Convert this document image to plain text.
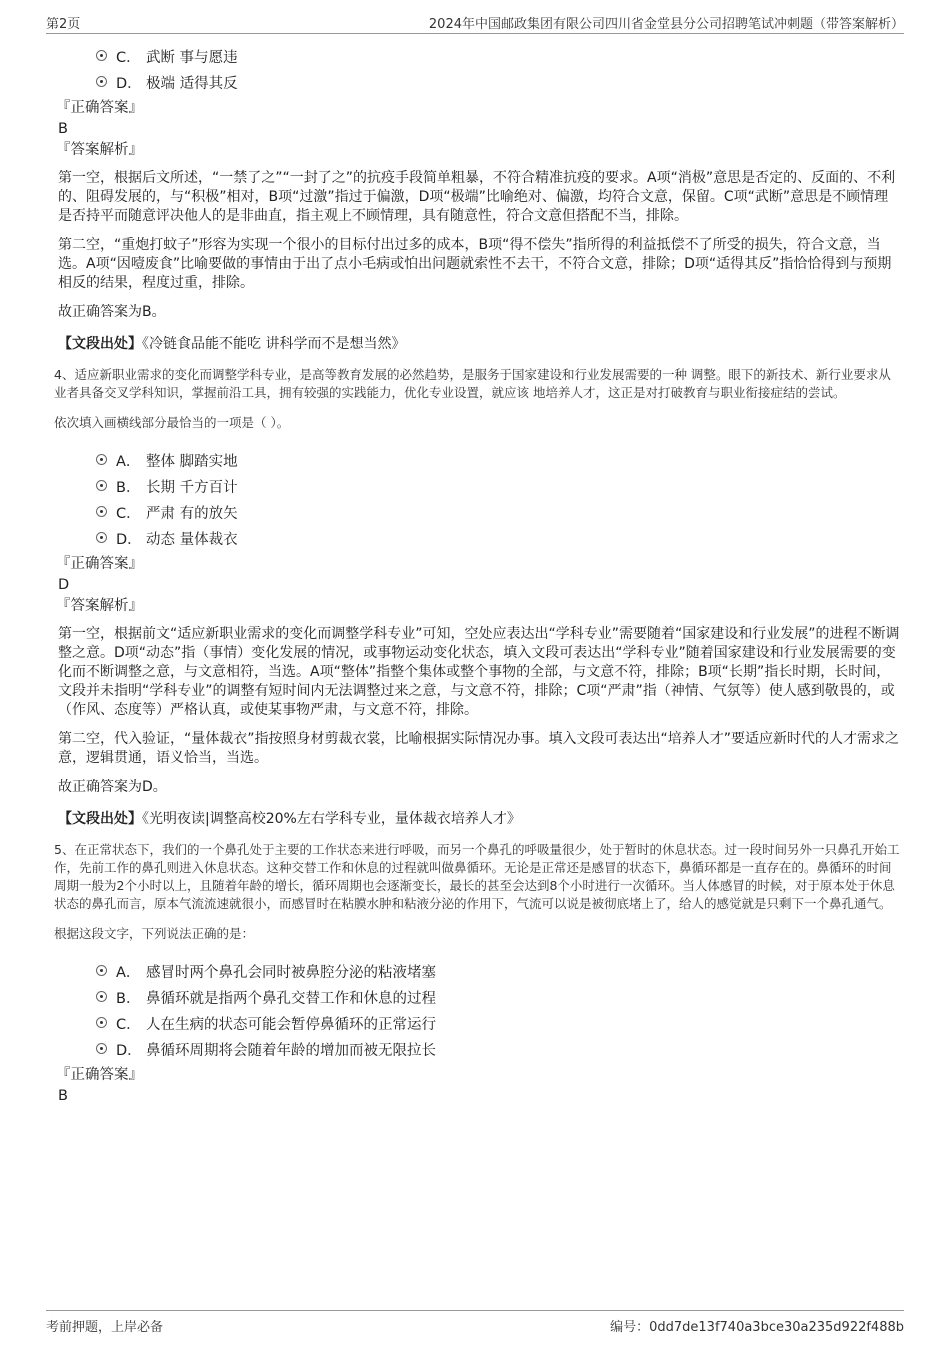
第2页	2024年中国邮政集团有限公司四川省金堂县分公司招聘笔试冲刺题（带答案解析）
C． 武断 事与愿违
D． 极端 适得其反
『正确答案』
B
『答案解析』

第一空，根据后文所述，“一禁了之”“一封了之”的抗疫手段简单粗暴，不符合精准抗疫的要求。A项“消极”意思是否定的、反面的、不利的、阻碍发展的，与“积极”相对，B项“过激”指过于偏激，D项“极端”比喻绝对、偏激，均符合文意，保留。C项“武断”意思是不顾情理是否持平而随意评决他人的是非曲直，指主观上不顾情理，具有随意性，符合文意但搭配不当，排除。

第二空，“重炮打蚊子”形容为实现一个很小的目标付出过多的成本，B项“得不偿失”指所得的利益抵偿不了所受的损失，符合文意，当选。A项“因噎废食”比喻要做的事情由于出了点小毛病或怕出问题就索性不去干，不符合文意，排除；D项“适得其反”指恰恰得到与预期相反的结果，程度过重，排除。

故正确答案为B。

【文段出处】《冷链食品能不能吃 讲科学而不是想当然》

4、适应新职业需求的变化而调整学科专业，是高等教育发展的必然趋势，是服务于国家建设和行业发展需要的一种 调整。眼下的新技术、新行业要求从业者具备交叉学科知识，掌握前沿工具，拥有较强的实践能力，优化专业设置，就应该 地培养人才，这正是对打破教育与职业衔接症结的尝试。

依次填入画横线部分最恰当的一项是（ ）。
A． 整体 脚踏实地
B． 长期 千方百计
C． 严肃 有的放矢
D． 动态 量体裁衣
『正确答案』
D
『答案解析』

第一空，根据前文“适应新职业需求的变化而调整学科专业”可知，空处应表达出“学科专业”需要随着“国家建设和行业发展”的进程不断调整之意。D项“动态”指（事情）变化发展的情况，或事物运动变化状态，填入文段可表达出“学科专业”随着国家建设和行业发展需要的变化而不断调整之意，与文意相符，当选。A项“整体”指整个集体或整个事物的全部，与文意不符，排除；B项“长期”指长时期，长时间，文段并未指明“学科专业”的调整有短时间内无法调整过来之意，与文意不符，排除；C项“严肃”指（神情、气氛等）使人感到敬畏的，或（作风、态度等）严格认真，或使某事物严肃，与文意不符，排除。

第二空，代入验证，“量体裁衣”指按照身材剪裁衣裳，比喻根据实际情况办事。填入文段可表达出“培养人才”要适应新时代的人才需求之意，逻辑贯通，语义恰当，当选。

故正确答案为D。

【文段出处】《光明夜读|调整高校20%左右学科专业，量体裁衣培养人才》

5、在正常状态下，我们的一个鼻孔处于主要的工作状态来进行呼吸，而另一个鼻孔的呼吸量很少，处于暂时的休息状态。过一段时间另外一只鼻孔开始工作，先前工作的鼻孔则进入休息状态。这种交替工作和休息的过程就叫做鼻循环。无论是正常还是感冒的状态下，鼻循环都是一直存在的。鼻循环的时间周期一般为2个小时以上，且随着年龄的增长，循环周期也会逐渐变长，最长的甚至会达到8个小时进行一次循环。当人体感冒的时候，对于原本处于休息状态的鼻孔而言，原本气流流速就很小，而感冒时在粘膜水肿和粘液分泌的作用下，气流可以说是被彻底堵上了，给人的感觉就是只剩下一个鼻孔通气。

根据这段文字，下列说法正确的是：
A． 感冒时两个鼻孔会同时被鼻腔分泌的粘液堵塞
B． 鼻循环就是指两个鼻孔交替工作和休息的过程
C． 人在生病的状态可能会暂停鼻循环的正常运行
D． 鼻循环周期将会随着年龄的增加而被无限拉长
『正确答案』
B
考前押题，上岸必备	编号：0dd7de13f740a3bce30a235d922f488b
